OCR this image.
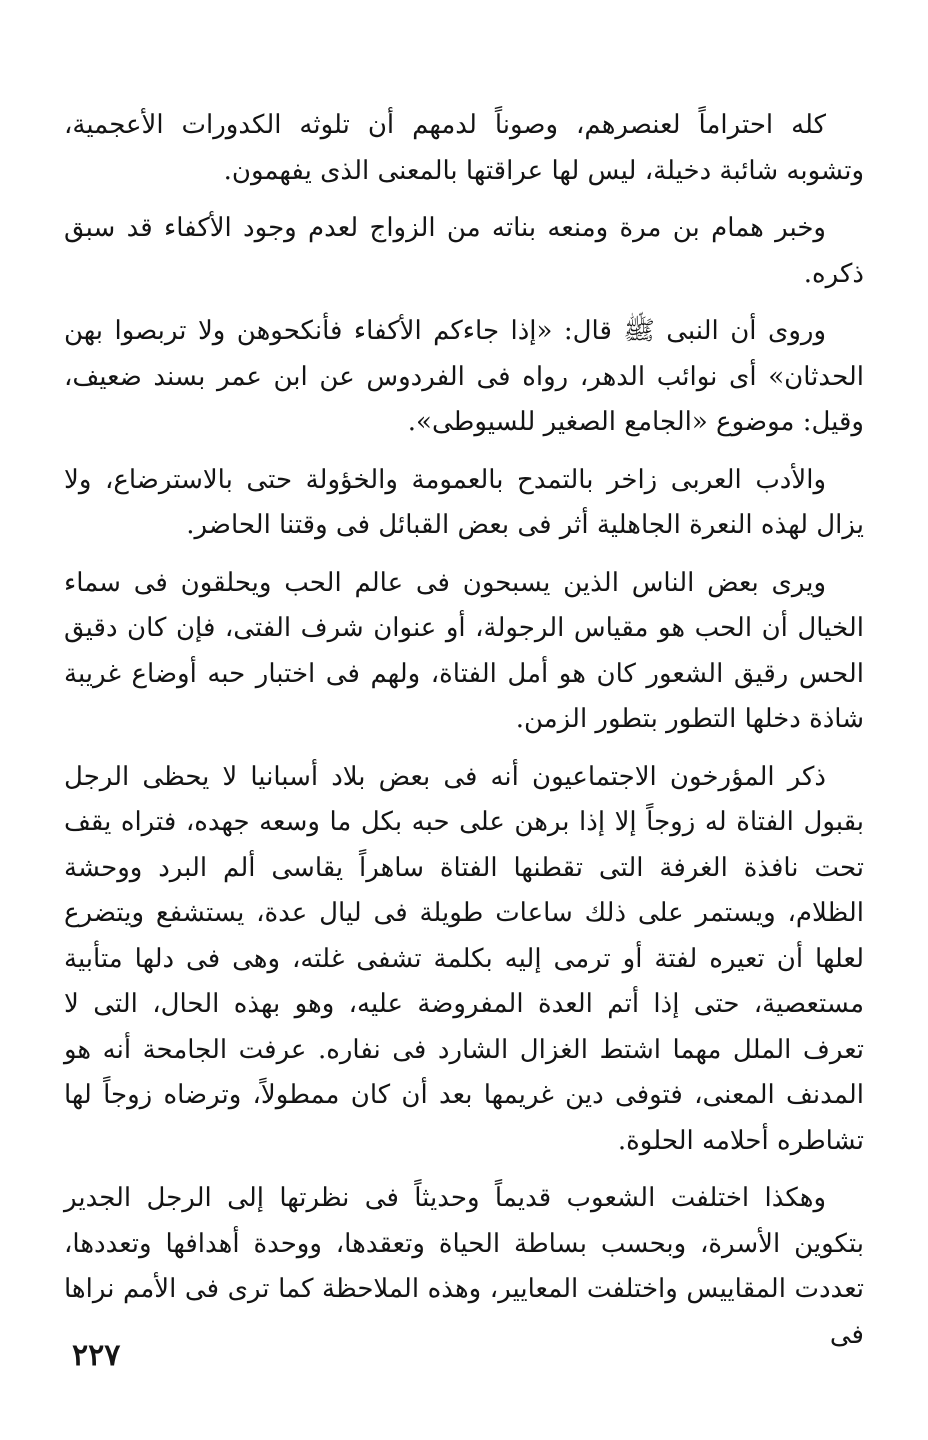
كله احتراماً لعنصرهم، وصوناً لدمهم أن تلوثه الكدورات الأعجمية، وتشوبه شائبة دخيلة، ليس لها عراقتها بالمعنى الذى يفهمون.

وخبر همام بن مرة ومنعه بناته من الزواج لعدم وجود الأكفاء قد سبق ذكره.

وروى أن النبى ﷺ قال: «إذا جاءكم الأكفاء فأنكحوهن ولا تربصوا بهن الحدثان» أى نوائب الدهر، رواه فى الفردوس عن ابن عمر بسند ضعيف، وقيل: موضوع «الجامع الصغير للسيوطى».

والأدب العربى زاخر بالتمدح بالعمومة والخؤولة حتى بالاسترضاع، ولا يزال لهذه النعرة الجاهلية أثر فى بعض القبائل فى وقتنا الحاضر.

ويرى بعض الناس الذين يسبحون فى عالم الحب ويحلقون فى سماء الخيال أن الحب هو مقياس الرجولة، أو عنوان شرف الفتى، فإن كان دقيق الحس رقيق الشعور كان هو أمل الفتاة، ولهم فى اختبار حبه أوضاع غريبة شاذة دخلها التطور بتطور الزمن.

ذكر المؤرخون الاجتماعيون أنه فى بعض بلاد أسبانيا لا يحظى الرجل بقبول الفتاة له زوجاً إلا إذا برهن على حبه بكل ما وسعه جهده، فتراه يقف تحت نافذة الغرفة التى تقطنها الفتاة ساهراً يقاسى ألم البرد ووحشة الظلام، ويستمر على ذلك ساعات طويلة فى ليال عدة، يستشفع ويتضرع لعلها أن تعيره لفتة أو ترمى إليه بكلمة تشفى غلته، وهى فى دلها متأبية مستعصية، حتى إذا أتم العدة المفروضة عليه، وهو بهذه الحال، التى لا تعرف الملل مهما اشتط الغزال الشارد فى نفاره. عرفت الجامحة أنه هو المدنف المعنى، فتوفى دين غريمها بعد أن كان ممطولاً، وترضاه زوجاً لها تشاطره أحلامه الحلوة.

وهكذا اختلفت الشعوب قديماً وحديثاً فى نظرتها إلى الرجل الجدير بتكوين الأسرة، وبحسب بساطة الحياة وتعقدها، ووحدة أهدافها وتعددها، تعددت المقاييس واختلفت المعايير، وهذه الملاحظة كما ترى فى الأمم نراها فى

٢٢٧
